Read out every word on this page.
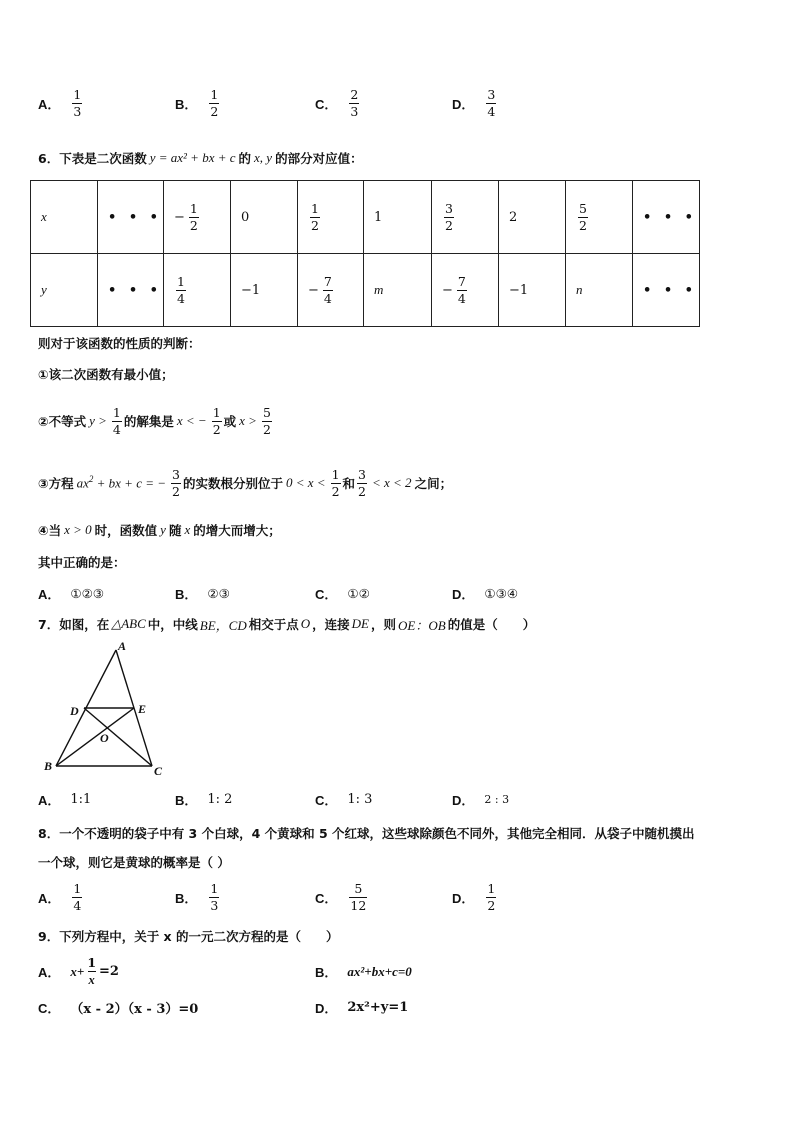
A． $\frac{1}{3}$	B． $\frac{1}{2}$	C． $\frac{2}{3}$	D． $\frac{3}{4}$
6． 下表是二次函数 y = ax² + bx + c 的 x, y 的部分对应值：
x	• • •	− $\frac{1}{2}$	0	$\frac{1}{2}$	1	$\frac{3}{2}$	2	$\frac{5}{2}$	• • •
y	• • •	$\frac{1}{4}$	−1	− $\frac{7}{4}$	m	− $\frac{7}{4}$	−1	n	• • •
则对于该函数的性质的判断：
①该二次函数有最小值；
②不等式 $y > \frac{1}{4}$ 的解集是 x < − $\frac{1}{2}$ 或 $x > \frac{5}{2}$
③方程 $ax^2$ + bx + c = − $\frac{3}{2}$ 的实数根分别位于 $0 < x < \frac{1}{2}$ 和 $\frac{3}{2} < x < 2$ 之间；
④当 x > 0 时，函数值 y 随 x 的增大而增大；
其中正确的是：
A． ①②③	B． ②③	C． ①②	D． ①③④
7． 如图，在 △ABC 中，中线 BE，CD 相交于点 O ，连接 DE ，则 OE：OB 的值是（　　）
A
D	E
O
B	C
A． 1:1	B． 1: 2	C． 1: 3	D． 2 : 3
8．一个不透明的袋子中有 3 个白球，4 个黄球和 5 个红球，这些球除颜色不同外，其他完全相同．从袋子中随机摸出
一个球，则它是黄球的概率是（ ）
A． $\frac{1}{4}$	B． $\frac{1}{3}$	C． $\frac{5}{12}$	D． $\frac{1}{2}$
9．下列方程中，关于 x 的一元二次方程的是（　　）
A． $x+ \frac{1}{x} =2$	B． ax²+bx+c=0
C． （x - 2）（x - 3）=0	D． 2x²+y=1
